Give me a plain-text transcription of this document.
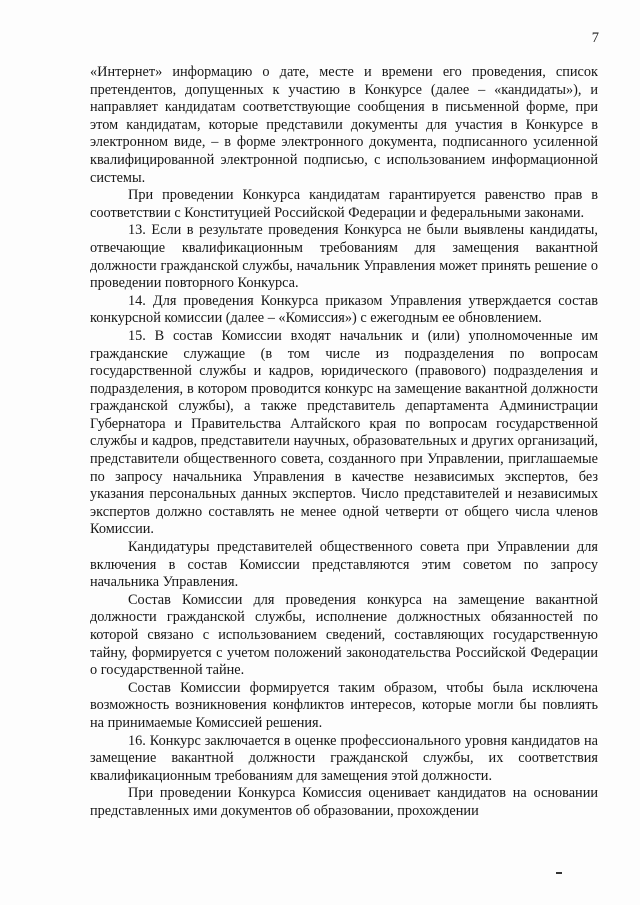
7

«Интернет» информацию о дате, месте и времени его проведения, список претендентов, допущенных к участию в Конкурсе (далее – «кандидаты»), и направляет кандидатам соответствующие сообщения в письменной форме, при этом кандидатам, которые представили документы для участия в Конкурсе в электронном виде, – в форме электронного документа, подписанного усиленной квалифицированной электронной подписью, с использованием информационной системы.

При проведении Конкурса кандидатам гарантируется равенство прав в соответствии с Конституцией Российской Федерации и федеральными законами.

13. Если в результате проведения Конкурса не были выявлены кандидаты, отвечающие квалификационным требованиям для замещения вакантной должности гражданской службы, начальник Управления может принять решение о проведении повторного Конкурса.

14. Для проведения Конкурса приказом Управления утверждается состав конкурсной комиссии (далее – «Комиссия») с ежегодным ее обновлением.

15. В состав Комиссии входят начальник и (или) уполномоченные им гражданские служащие (в том числе из подразделения по вопросам государственной службы и кадров, юридического (правового) подразделения и подразделения, в котором проводится конкурс на замещение вакантной должности гражданской службы), а также представитель департамента Администрации Губернатора и Правительства Алтайского края по вопросам государственной службы и кадров, представители научных, образовательных и других организаций, представители общественного совета, созданного при Управлении, приглашаемые по запросу начальника Управления в качестве независимых экспертов, без указания персональных данных экспертов. Число представителей и независимых экспертов должно составлять не менее одной четверти от общего числа членов Комиссии.

Кандидатуры представителей общественного совета при Управлении для включения в состав Комиссии представляются этим советом по запросу начальника Управления.

Состав Комиссии для проведения конкурса на замещение вакантной должности гражданской службы, исполнение должностных обязанностей по которой связано с использованием сведений, составляющих государственную тайну, формируется с учетом положений законодательства Российской Федерации о государственной тайне.

Состав Комиссии формируется таким образом, чтобы была исключена возможность возникновения конфликтов интересов, которые могли бы повлиять на принимаемые Комиссией решения.

16. Конкурс заключается в оценке профессионального уровня кандидатов на замещение вакантной должности гражданской службы, их соответствия квалификационным требованиям для замещения этой должности.

При проведении Конкурса Комиссия оценивает кандидатов на основании представленных ими документов об образовании, прохождении
